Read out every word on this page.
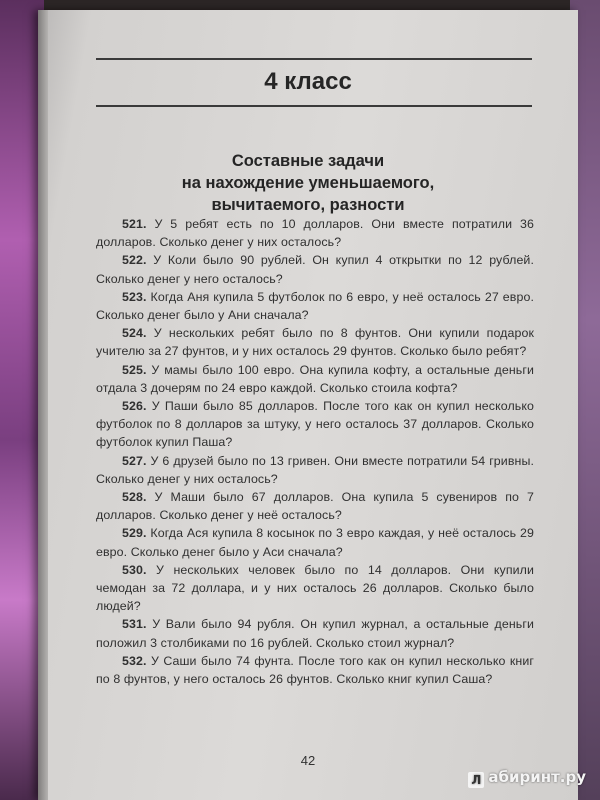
4 класс
Составные задачи
на нахождение уменьшаемого,
вычитаемого, разности

521. У 5 ребят есть по 10 долларов. Они вместе потратили 36 долларов. Сколько денег у них осталось?

522. У Коли было 90 рублей. Он купил 4 открытки по 12 рублей. Сколько денег у него осталось?

523. Когда Аня купила 5 футболок по 6 евро, у неё осталось 27 евро. Сколько денег было у Ани сначала?

524. У нескольких ребят было по 8 фунтов. Они купили подарок учителю за 27 фунтов, и у них осталось 29 фунтов. Сколько было ребят?

525. У мамы было 100 евро. Она купила кофту, а остальные деньги отдала 3 дочерям по 24 евро каждой. Сколько стоила кофта?

526. У Паши было 85 долларов. После того как он купил несколько футболок по 8 долларов за штуку, у него осталось 37 долларов. Сколько футболок купил Паша?

527. У 6 друзей было по 13 гривен. Они вместе потратили 54 гривны. Сколько денег у них осталось?

528. У Маши было 67 долларов. Она купила 5 сувениров по 7 долларов. Сколько денег у неё осталось?

529. Когда Ася купила 8 косынок по 3 евро каждая, у неё осталось 29 евро. Сколько денег было у Аси сначала?

530. У нескольких человек было по 14 долларов. Они купили чемодан за 72 доллара, и у них осталось 26 долларов. Сколько было людей?

531. У Вали было 94 рубля. Он купил журнал, а остальные деньги положил 3 столбиками по 16 рублей. Сколько стоил журнал?

532. У Саши было 74 фунта. После того как он купил несколько книг по 8 фунтов, у него осталось 26 фунтов. Сколько книг купил Саша?

42
Л абиринт.ру
